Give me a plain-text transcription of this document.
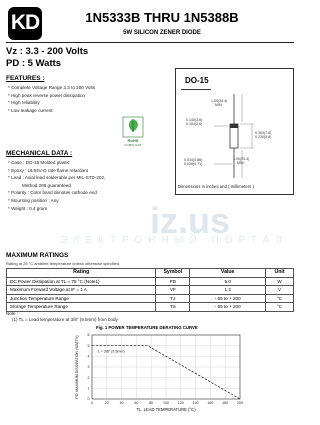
KD	1N5333B THRU 1N5388B
5W SILICON ZENER DIODE
Vz : 3.3 - 200 Volts
PD : 5 Watts
FEATURES :
* Complete Voltage Range 3.3 to 200 Volts
* High peak reverse power dissipation
* High reliability
* Low leakage current
RoHS
COMPLIANT
MECHANICAL DATA :
* Case : DO-15 Molded plastic
* Epoxy : UL94V-O rate flame retardant
* Lead : Axial lead solderable per MIL-STD-202,
Method 208 guaranteed
* Polarity : Color band denotes cathode end
* Mounting position : Any
* Weight : 0.4 gram
DO-15
1.00(25.4)
MIN
0.140(3.6)
0.104(2.6)
0.300(7.6)
0.230(5.8)
0.034(0.86)
0.028(0.71)
1.00(25.4)
MIN
Dimensions in inches and ( millimeters )
iz.us
ЭЛЕКТРОННЫЙ ПОРТАЛ
MAXIMUM RATINGS
Rating at 25 °C ambient temperature unless otherwise specified.
Rating	Symbol	Value	Unit
DC Power Dissipation at TL = 75 °C (Note1)	PD	5.0	W
Maximum Forward Voltage at IF = 1 A	VF	1.2	V
Junction Temperature Range	TJ	- 65 to + 200	°C
Storage Temperature Range	TS	- 65 to + 200	°C
Note :
(1) TL = Lead temperature at 3/8" (9.5mm) from body
Fig. 1 POWER TEMPERATURE DERATING CURVE
0	20	40	60	80	100 120 140 160 180 200
0
1
2
3
4
5
6
L = 3/8" (9.5mm)
TL, LEAD TEMPERATURE (°C)
PD, MAXIMUM DISSIPATION (WATTS)
